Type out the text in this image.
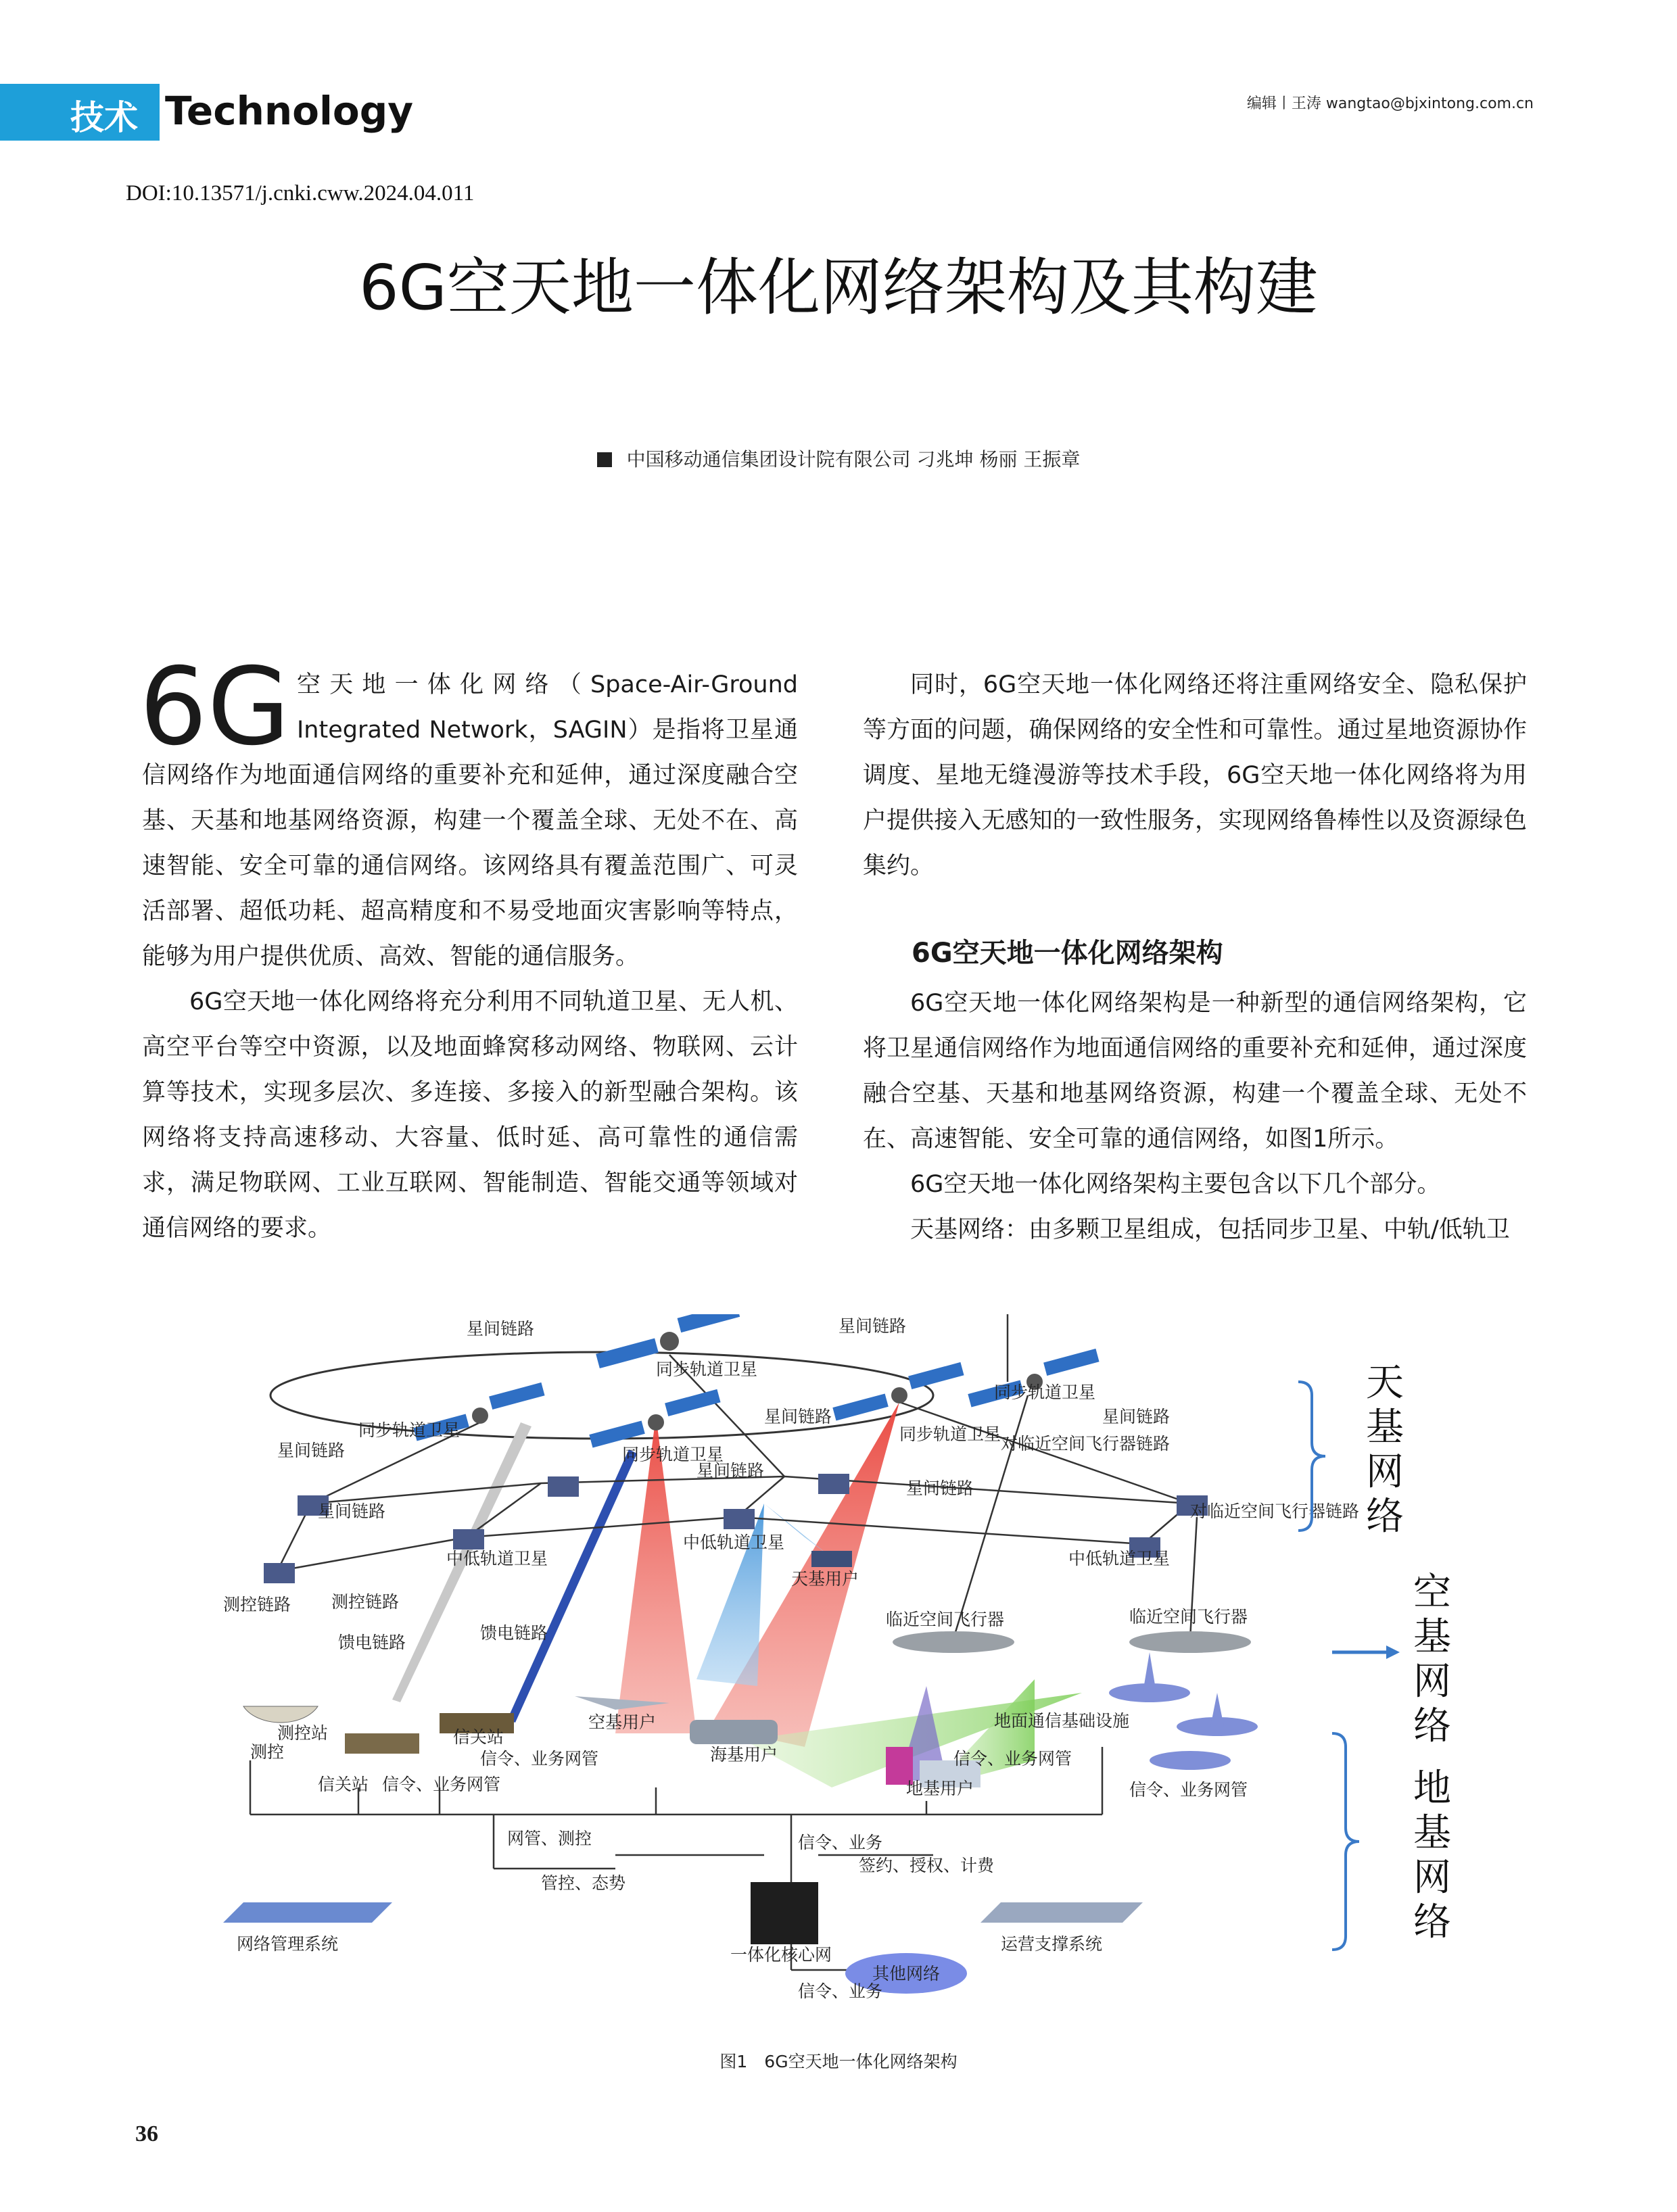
技术 Technology	编辑丨王涛 wangtao@bjxintong.com.cn
DOI:10.13571/j.cnki.cww.2024.04.011
6G空天地一体化网络架构及其构建
中国移动通信集团设计院有限公司 刁兆坤 杨丽 王振章

6G 空天地一体化网络（Space-Air-Ground Integrated Network，SAGIN）是指将卫星通信网络作为地面通信网络的重要补充和延伸，通过深度融合空基、天基和地基网络资源，构建一个覆盖全球、无处不在、高速智能、安全可靠的通信网络。该网络具有覆盖范围广、可灵活部署、超低功耗、超高精度和不易受地面灾害影响等特点，能够为用户提供优质、高效、智能的通信服务。

6G空天地一体化网络将充分利用不同轨道卫星、无人机、高空平台等空中资源，以及地面蜂窝移动网络、物联网、云计算等技术，实现多层次、多连接、多接入的新型融合架构。该网络将支持高速移动、大容量、低时延、高可靠性的通信需求，满足物联网、工业互联网、智能制造、智能交通等领域对通信网络的要求。

同时，6G空天地一体化网络还将注重网络安全、隐私保护等方面的问题，确保网络的安全性和可靠性。通过星地资源协作调度、星地无缝漫游等技术手段，6G空天地一体化网络将为用户提供接入无感知的一致性服务，实现网络鲁棒性以及资源绿色集约。

6G空天地一体化网络架构

6G空天地一体化网络架构是一种新型的通信网络架构，它将卫星通信网络作为地面通信网络的重要补充和延伸，通过深度融合空基、天基和地基网络资源，构建一个覆盖全球、无处不在、高速智能、安全可靠的通信网络，如图1所示。

6G空天地一体化网络架构主要包含以下几个部分。

天基网络：由多颗卫星组成，包括同步卫星、中轨/低轨卫

星间链路	星间链路
同步轨道卫星
同步轨道卫星
同步轨道卫星
同步轨道卫星
同步轨道卫星
星间链路
星间链路
星间链路
星间链路
星间链路
星间链路
对临近空间飞行器链路
对临近空间飞行器链路
中低轨道卫星
中低轨道卫星
中低轨道卫星
天基用户
测控链路 测控链路
馈电链路	馈电链路
临近空间飞行器	临近空间飞行器
空基用户
海基用户
地面通信基础设施
测控站
测控
信关站
信关站
信令、业务网管
信令、业务网管	信令、业务网管
地基用户	信令、业务网管
网管、测控	信令、业务
管控、态势
签约、授权、计费
网络管理系统
一体化核心网
运营支撑系统
信令、业务
其他网络
天
基
网
络
空
基
网
络
地
基
网
络
图1　6G空天地一体化网络架构
36
